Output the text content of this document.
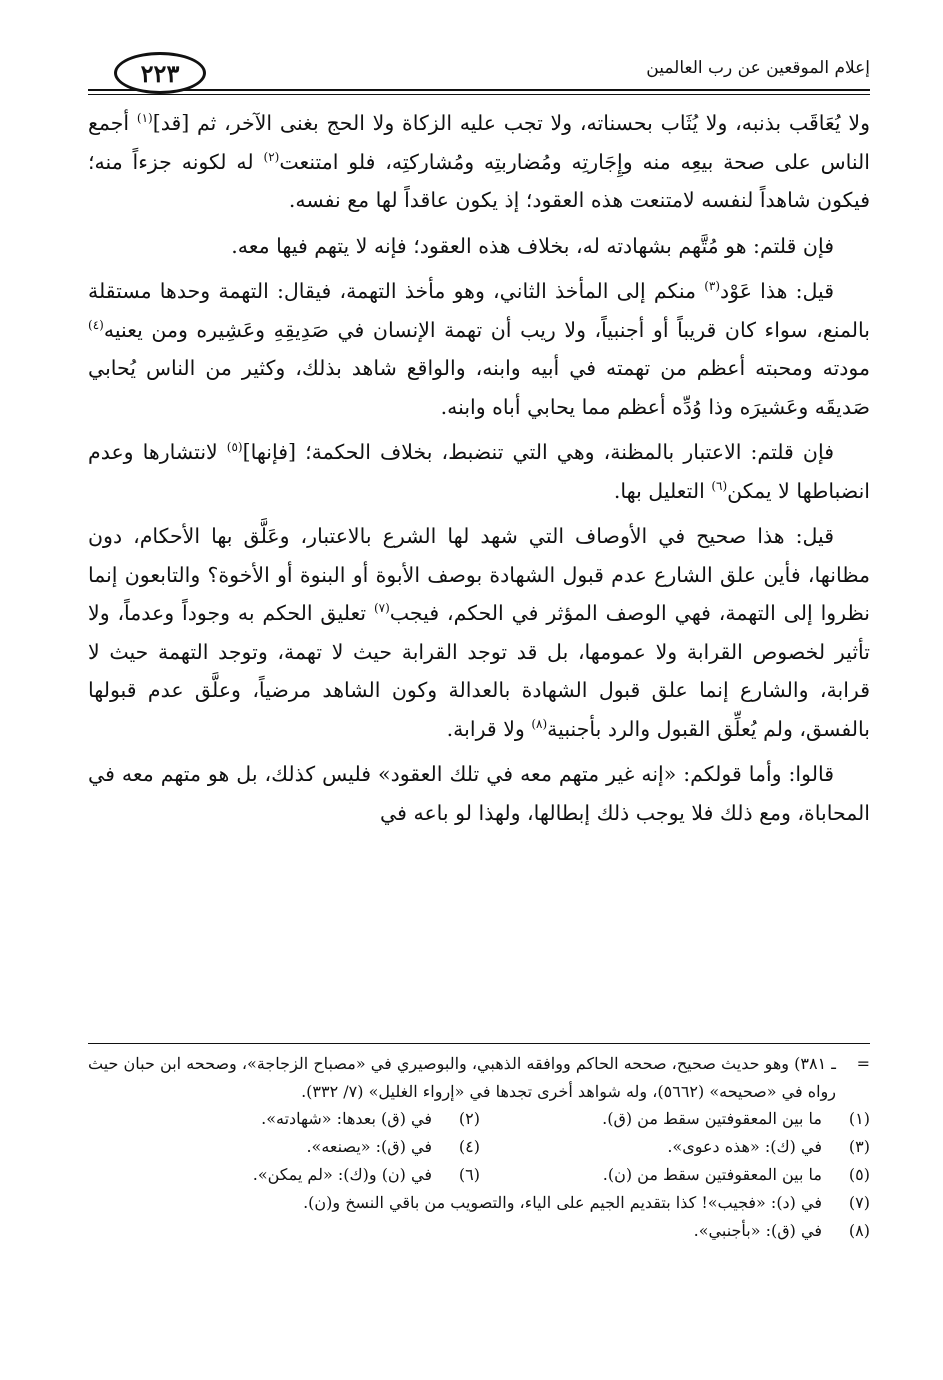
إعلام الموقعين عن رب العالمين
٢٢٣

ولا يُعَاقَب بذنبه، ولا يُثَاب بحسناته، ولا تجب عليه الزكاة ولا الحج بغنى الآخر، ثم [قد]$^{(١)}$ أجمع الناس على صحة بيعِه منه وإِجَارتِه ومُضاربتِه ومُشاركتِه، فلو امتنعت$^{(٢)}$ له لكونه جزءاً منه؛ فيكون شاهداً لنفسه لامتنعت هذه العقود؛ إذ يكون عاقداً لها مع نفسه.

فإن قلتم: هو مُتَّهم بشهادته له، بخلاف هذه العقود؛ فإنه لا يتهم فيها معه.

قيل: هذا عَوْد$^{(٣)}$ منكم إلى المأخذ الثاني، وهو مأخذ التهمة، فيقال: التهمة وحدها مستقلة بالمنع، سواء كان قريباً أو أجنبياً، ولا ريب أن تهمة الإنسان في صَدِيقِهِ وعَشِيره ومن يعنيه$^{(٤)}$ مودته ومحبته أعظم من تهمته في أبيه وابنه، والواقع شاهد بذلك، وكثير من الناس يُحابي صَديقَه وعَشيرَه وذا وُدِّه أعظم مما يحابي أباه وابنه.

فإن قلتم: الاعتبار بالمظنة، وهي التي تنضبط، بخلاف الحكمة؛ [فإنها]$^{(٥)}$ لانتشارها وعدم انضباطها لا يمكن$^{(٦)}$ التعليل بها.

قيل: هذا صحيح في الأوصاف التي شهد لها الشرع بالاعتبار، وعَلَّق بها الأحكام، دون مظانها، فأين علق الشارع عدم قبول الشهادة بوصف الأبوة أو البنوة أو الأخوة؟ والتابعون إنما نظروا إلى التهمة، فهي الوصف المؤثر في الحكم، فيجب$^{(٧)}$ تعليق الحكم به وجوداً وعدماً، ولا تأثير لخصوص القرابة ولا عمومها، بل قد توجد القرابة حيث لا تهمة، وتوجد التهمة حيث لا قرابة، والشارع إنما علق قبول الشهادة بالعدالة وكون الشاهد مرضياً، وعلَّق عدم قبولها بالفسق، ولم يُعلِّق القبول والرد بأجنبية$^{(٨)}$ ولا قرابة.

قالوا: وأما قولكم: «إنه غير متهم معه في تلك العقود» فليس كذلك، بل هو متهم معه في المحاباة، ومع ذلك فلا يوجب ذلك إبطالها، ولهذا لو باعه في

=
ـ ٣٨١) وهو حديث صحيح، صححه الحاكم ووافقه الذهبي، والبوصيري في «مصباح الزجاجة»، وصححه ابن حبان حيث رواه في «صحيحه» (٥٦٦٢)، وله شواهد أخرى تجدها في «إرواء الغليل» (٧/ ٣٣٢).
(١)
ما بين المعقوفتين سقط من (ق).
(٢)
في (ق) بعدها: «شهادته».
(٣)
في (ك): «هذه دعوى».
(٤)
في (ق): «يصنعه».
(٥)
ما بين المعقوفتين سقط من (ن).
(٦)
في (ن) و(ك): «لم يمكن».
(٧)
في (د): «فجيب»! كذا بتقديم الجيم على الياء، والتصويب من باقي النسخ و(ن).
(٨)
في (ق): «بأجنبي».
